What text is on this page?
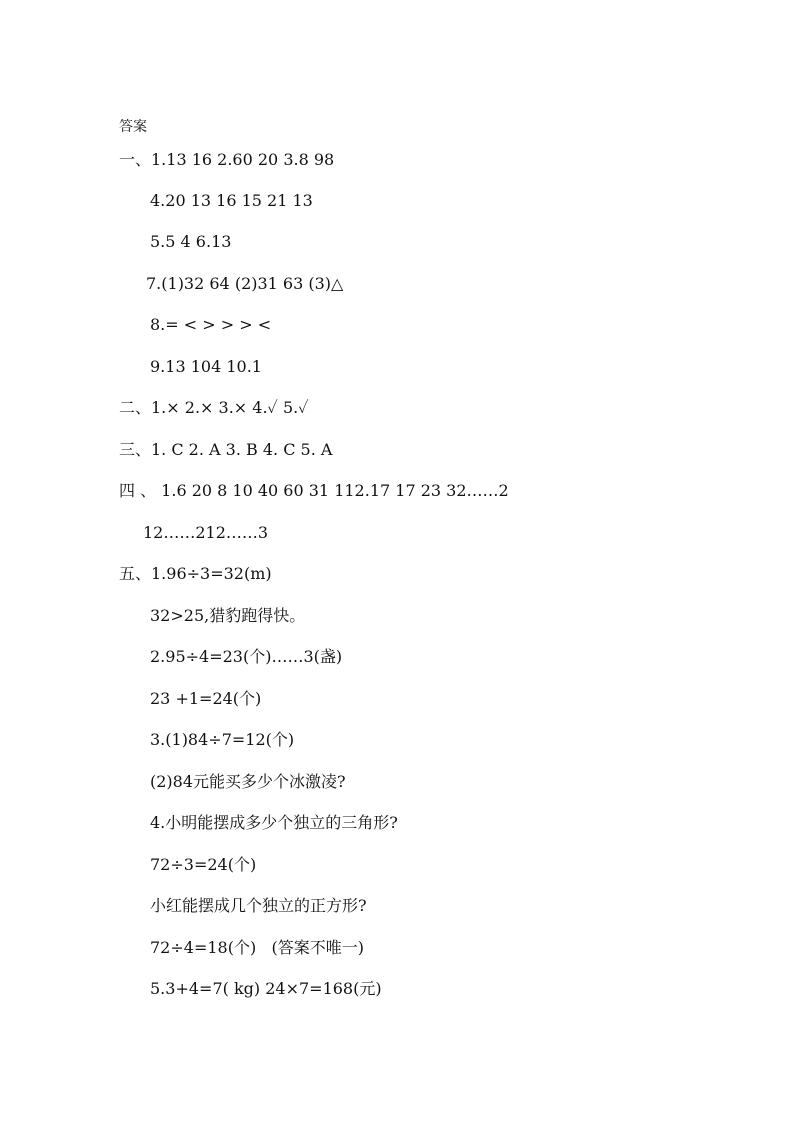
答案
一、1.13 16 2.60 20 3.8 98
4.20 13 16 15 21 13
5.5 4 6.13
7.(1)32 64 (2)31 63 (3)△
8.= < > > > <
9.13 104 10.1
二、1.× 2.× 3.× 4.✓ 5.✓
三、1. C 2. A 3. B 4. C 5. A
四 、 1.6 20 8 10 40 60 31 112.17 17 23 32……2
12……212……3
五、1.96÷3=32(m)
32>25,猎豹跑得快。
2.95÷4=23(个)……3(盏)
23 +1=24(个)
3.(1)84÷7=12(个)
(2)84元能买多少个冰激凌?
4.小明能摆成多少个独立的三角形?
72÷3=24(个)
小红能摆成几个独立的正方形?
72÷4=18(个)   (答案不唯一)
5.3+4=7( kg) 24×7=168(元)
